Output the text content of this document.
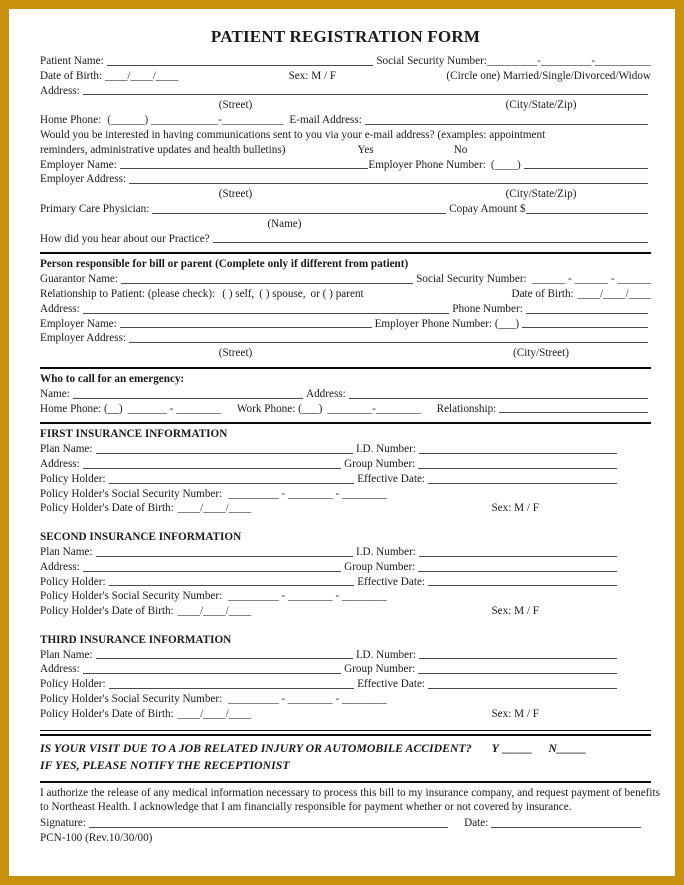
PATIENT REGISTRATION FORM
Patient Name:	Social Security Number: _________-_________-__________
Date of Birth: ____/____/____	Sex: M / F	(Circle one) Married/Single/Divorced/Widow
Address:
(Street)	(City/State/Zip)
Home Phone: (______) ____________-___________ E-mail Address:
Would you be interested in having communications sent to you via your e-mail address? (examples: appointment
reminders, administrative updates and health bulletins)	Yes	No
Employer Name:	Employer Phone Number: (____)
Employer Address:
(Street)	(City/State/Zip)
Primary Care Physician:	Copay Amount $
(Name)
How did you hear about our Practice?
Person responsible for bill or parent (Complete only if different from patient)
Guarantor Name:	Social Security Number: ______ - ______ - ______
Relationship to Patient: (please check): ( ) self, ( ) spouse, or ( ) parent	Date of Birth: ____/____/____
Address:	Phone Number:
Employer Name:	Employer Phone Number: (___)
Employer Address:
(Street)	(City/Street)
Who to call for an emergency:
Name:	Address:
Home Phone: (__) _______ - ________ Work Phone: (___) ________-________ Relationship:
FIRST INSURANCE INFORMATION
Plan Name:	I.D. Number:
Address:	Group Number:
Policy Holder:	Effective Date:
Policy Holder's Social Security Number: _________ - ________ - ________
Policy Holder's Date of Birth: ____/____/____	Sex: M / F
SECOND INSURANCE INFORMATION
Plan Name:	I.D. Number:
Address:	Group Number:
Policy Holder:	Effective Date:
Policy Holder's Social Security Number: _________ - ________ - ________
Policy Holder's Date of Birth: ____/____/____	Sex: M / F
THIRD INSURANCE INFORMATION
Plan Name:	I.D. Number:
Address:	Group Number:
Policy Holder:	Effective Date:
Policy Holder's Social Security Number: _________ - ________ - ________
Policy Holder's Date of Birth: ____/____/____	Sex: M / F
IS YOUR VISIT DUE TO A JOB RELATED INJURY OR AUTOMOBILE ACCIDENT? Y _____ N _____
IF YES, PLEASE NOTIFY THE RECEPTIONIST
I authorize the release of any medical information necessary to process this bill to my insurance company, and request payment of benefits to Northeast Health. I acknowledge that I am financially responsible for payment whether or not covered by insurance.
Signature:	Date:
PCN-100 (Rev.10/30/00)
